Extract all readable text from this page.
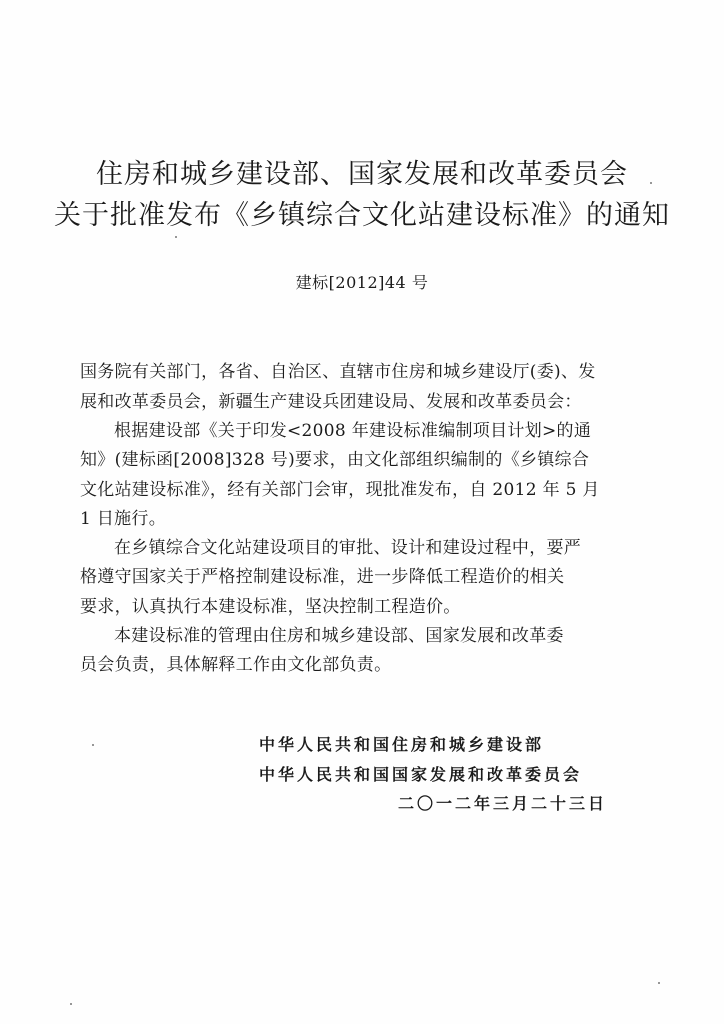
住房和城乡建设部、国家发展和改革委员会
关于批准发布《乡镇综合文化站建设标准》的通知
建标[2012]44 号
国务院有关部门，各省、自治区、直辖市住房和城乡建设厅(委)、发
展和改革委员会，新疆生产建设兵团建设局、发展和改革委员会：
根据建设部《关于印发<2008 年建设标准编制项目计划>的通
知》(建标函[2008]328 号)要求，由文化部组织编制的《乡镇综合
文化站建设标准》，经有关部门会审，现批准发布，自 2012 年 5 月
1 日施行。
在乡镇综合文化站建设项目的审批、设计和建设过程中，要严
格遵守国家关于严格控制建设标准，进一步降低工程造价的相关
要求，认真执行本建设标准，坚决控制工程造价。
本建设标准的管理由住房和城乡建设部、国家发展和改革委
员会负责，具体解释工作由文化部负责。
中华人民共和国住房和城乡建设部
中华人民共和国国家发展和改革委员会
二〇一二年三月二十三日
